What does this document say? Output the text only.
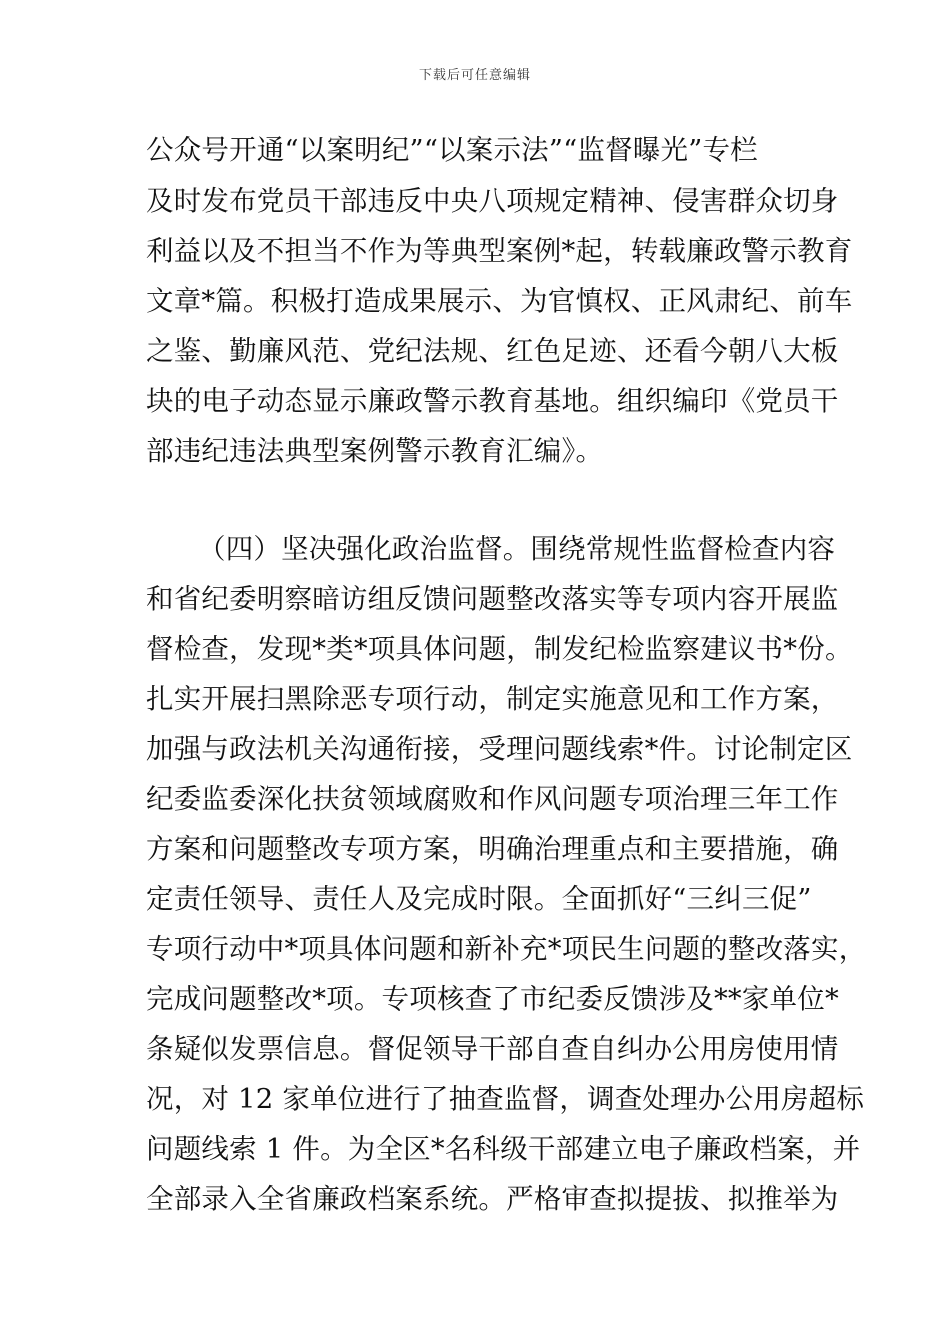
下载后可任意编辑
公众号开通“以案明纪”“以案示法”“监督曝光”专栏
及时发布党员干部违反中央八项规定精神、侵害群众切身
利益以及不担当不作为等典型案例*起，转载廉政警示教育
文章*篇。积极打造成果展示、为官慎权、正风肃纪、前车
之鉴、勤廉风范、党纪法规、红色足迹、还看今朝八大板
块的电子动态显示廉政警示教育基地。组织编印《党员干
部违纪违法典型案例警示教育汇编》。
（四）坚决强化政治监督。围绕常规性监督检查内容
和省纪委明察暗访组反馈问题整改落实等专项内容开展监
督检查，发现*类*项具体问题，制发纪检监察建议书*份。
扎实开展扫黑除恶专项行动，制定实施意见和工作方案，
加强与政法机关沟通衔接，受理问题线索*件。讨论制定区
纪委监委深化扶贫领域腐败和作风问题专项治理三年工作
方案和问题整改专项方案，明确治理重点和主要措施，确
定责任领导、责任人及完成时限。全面抓好“三纠三促”
专项行动中*项具体问题和新补充*项民生问题的整改落实，
完成问题整改*项。专项核查了市纪委反馈涉及**家单位*
条疑似发票信息。督促领导干部自查自纠办公用房使用情
况，对 12 家单位进行了抽查监督，调查处理办公用房超标
问题线索 1 件。为全区*名科级干部建立电子廉政档案，并
全部录入全省廉政档案系统。严格审查拟提拔、拟推举为
